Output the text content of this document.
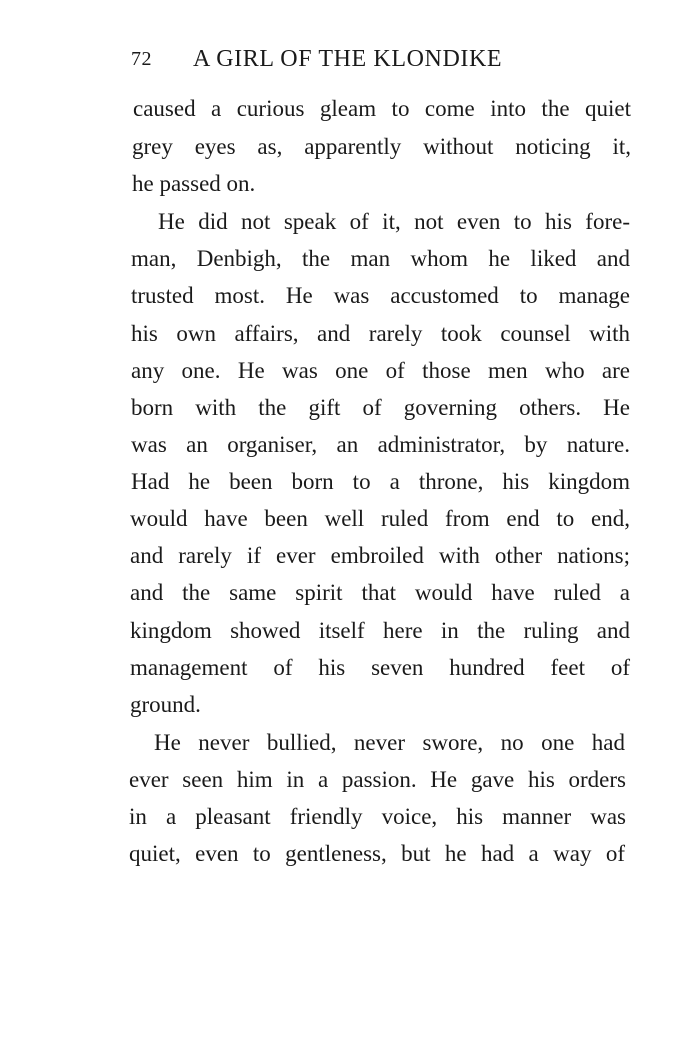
72 A GIRL OF THE KLONDIKE
caused a curious gleam to come into the quiet
grey eyes as, apparently without noticing it,
he passed on.
He did not speak of it, not even to his fore-
man, Denbigh, the man whom he liked and
trusted most. He was accustomed to manage
his own affairs, and rarely took counsel with
any one. He was one of those men who are
born with the gift of governing others. He
was an organiser, an administrator, by nature.
Had he been born to a throne, his kingdom
would have been well ruled from end to end,
and rarely if ever embroiled with other nations;
and the same spirit that would have ruled a
kingdom showed itself here in the ruling and
management of his seven hundred feet of
ground.
He never bullied, never swore, no one had
ever seen him in a passion. He gave his orders
in a pleasant friendly voice, his manner was
quiet, even to gentleness, but he had a way of
